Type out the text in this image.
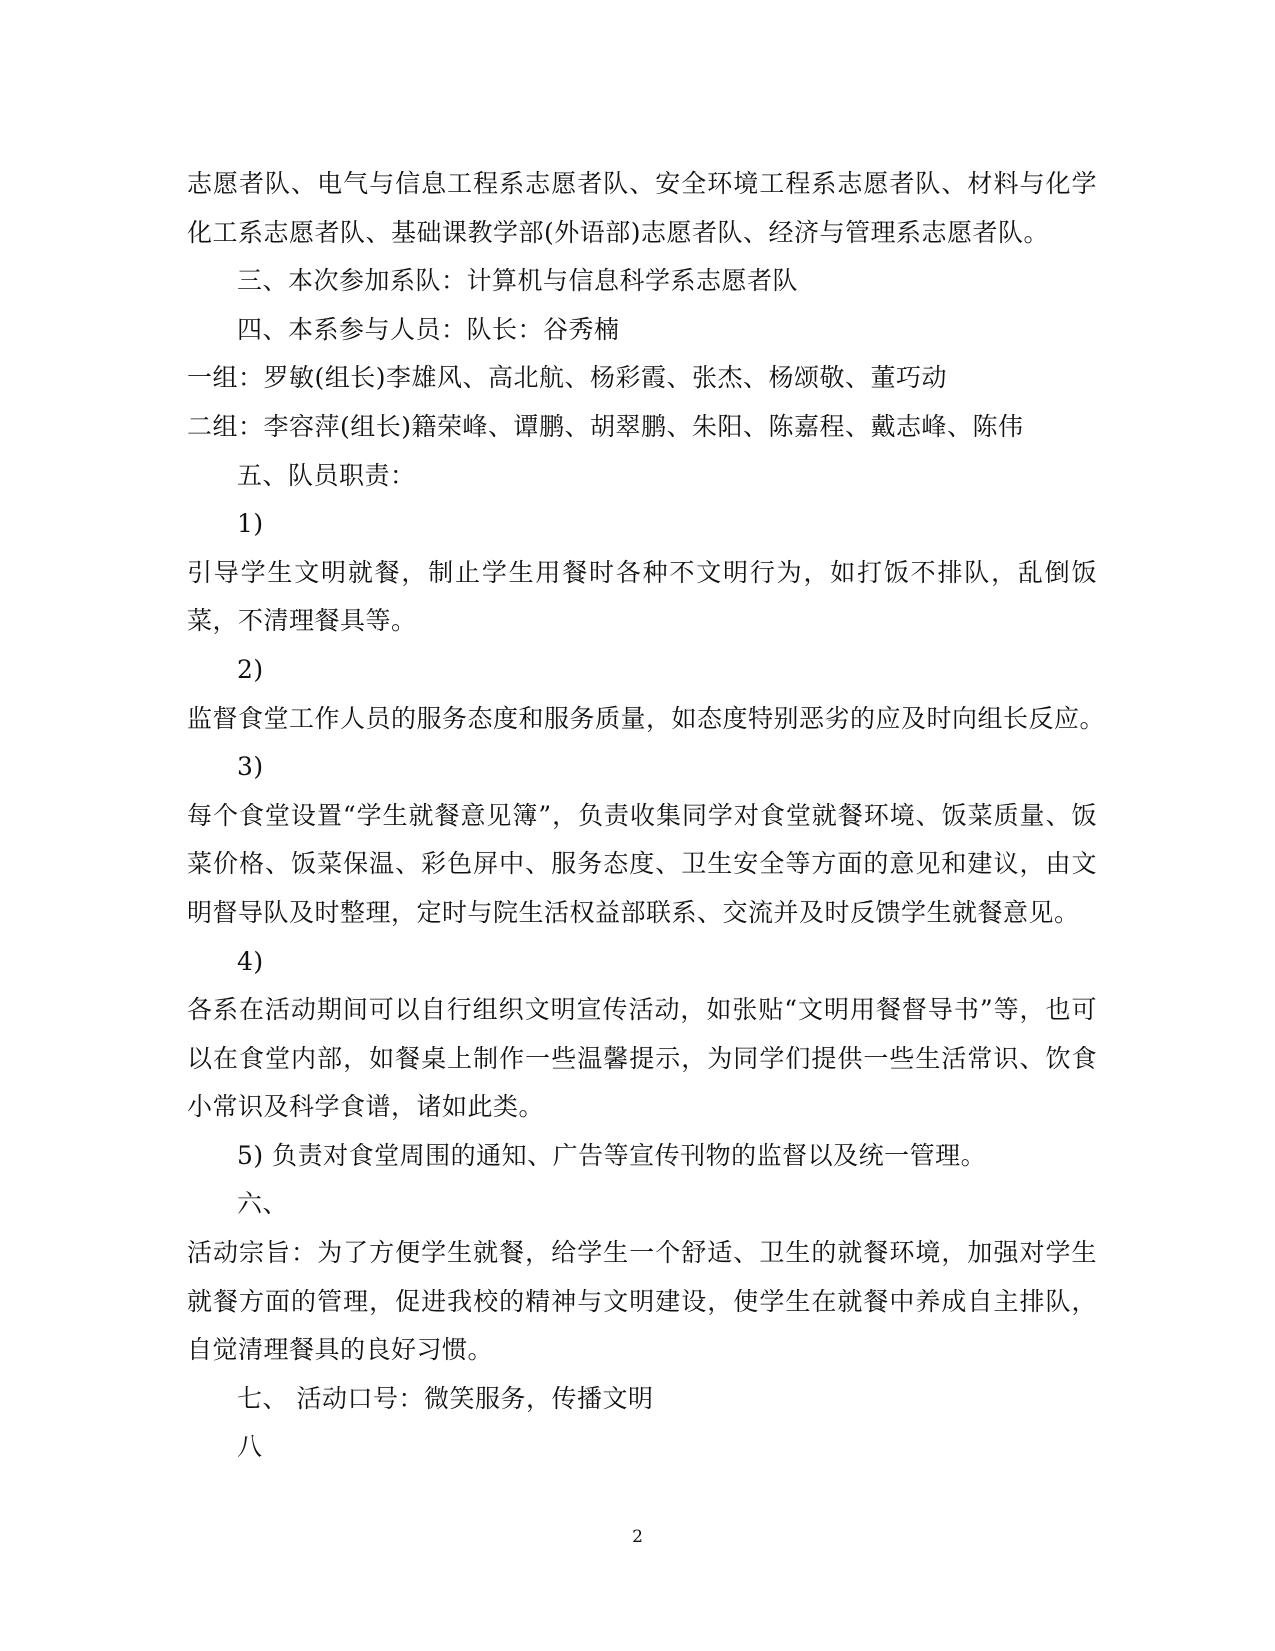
志愿者队、电气与信息工程系志愿者队、安全环境工程系志愿者队、材料与化学化工系志愿者队、基础课教学部(外语部)志愿者队、经济与管理系志愿者队。

三、本次参加系队：计算机与信息科学系志愿者队

四、本系参与人员：队长：谷秀楠

一组：罗敏(组长)李雄风、高北航、杨彩霞、张杰、杨颂敬、董巧动

二组：李容萍(组长)籍荣峰、谭鹏、胡翠鹏、朱阳、陈嘉程、戴志峰、陈伟

五、队员职责：

1)

引导学生文明就餐，制止学生用餐时各种不文明行为，如打饭不排队，乱倒饭菜，不清理餐具等。

2)

监督食堂工作人员的服务态度和服务质量，如态度特别恶劣的应及时向组长反应。

3)

每个食堂设置“学生就餐意见簿”，负责收集同学对食堂就餐环境、饭菜质量、饭菜价格、饭菜保温、彩色屏中、服务态度、卫生安全等方面的意见和建议，由文明督导队及时整理，定时与院生活权益部联系、交流并及时反馈学生就餐意见。

4)

各系在活动期间可以自行组织文明宣传活动，如张贴“文明用餐督导书”等，也可以在食堂内部，如餐桌上制作一些温馨提示，为同学们提供一些生活常识、饮食小常识及科学食谱，诸如此类。

5) 负责对食堂周围的通知、广告等宣传刊物的监督以及统一管理。

六、

活动宗旨：为了方便学生就餐，给学生一个舒适、卫生的就餐环境，加强对学生就餐方面的管理，促进我校的精神与文明建设，使学生在就餐中养成自主排队，自觉清理餐具的良好习惯。

七、 活动口号：微笑服务，传播文明

八

2
